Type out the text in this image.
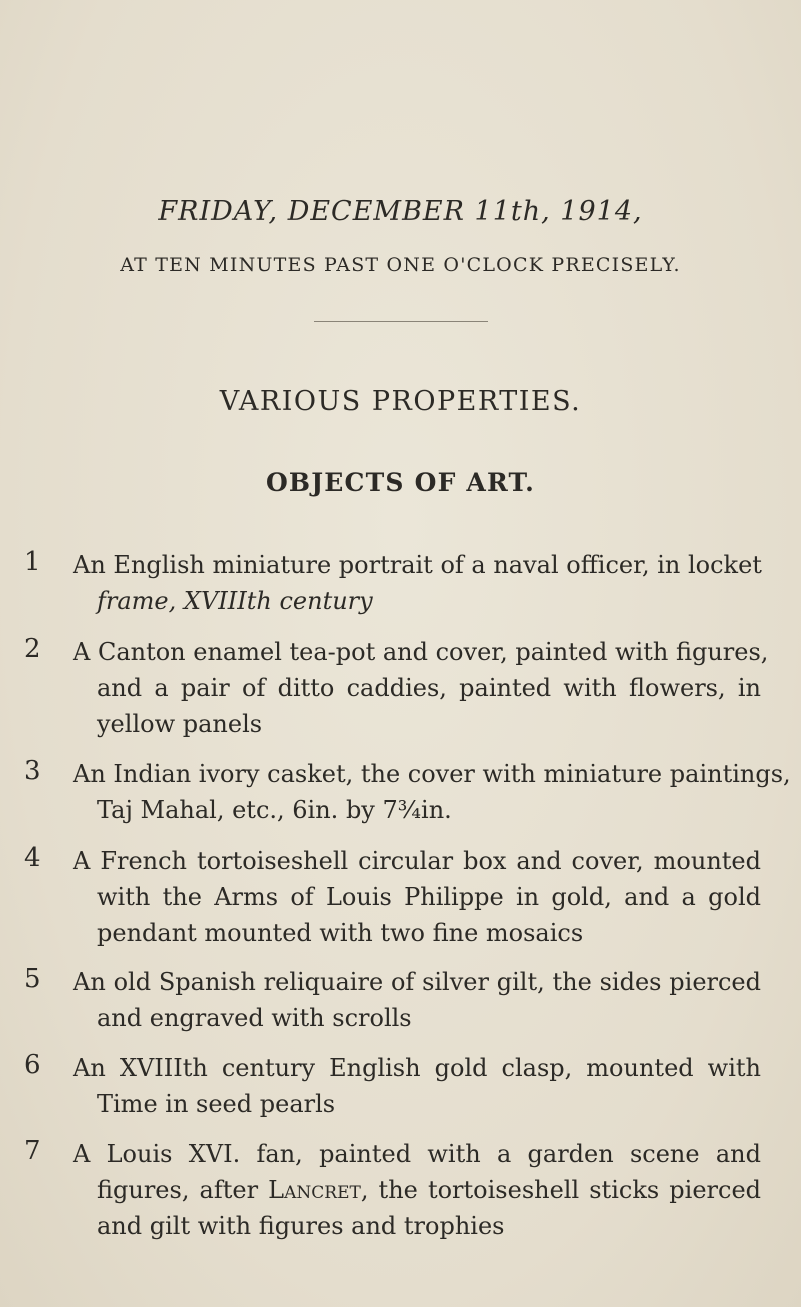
FRIDAY, DECEMBER 11th, 1914,
AT TEN MINUTES PAST ONE O'CLOCK PRECISELY.
VARIOUS PROPERTIES.
OBJECTS OF ART.
1 An English miniature portrait of a naval officer, in locket
frame, XVIIIth century
2 A Canton enamel tea-pot and cover, painted with figures,
and a pair of ditto caddies, painted with flowers, in
yellow panels
3 An Indian ivory casket, the cover with miniature paintings,
Taj Mahal, etc., 6in. by 7¾in.
4 A French tortoiseshell circular box and cover, mounted
with the Arms of Louis Philippe in gold, and a gold
pendant mounted with two fine mosaics
5 An old Spanish reliquaire of silver gilt, the sides pierced
and engraved with scrolls
6 An XVIIIth century English gold clasp, mounted with
Time in seed pearls
7 A Louis XVI. fan, painted with a garden scene and
figures, after Lancret, the tortoiseshell sticks pierced
and gilt with figures and trophies
